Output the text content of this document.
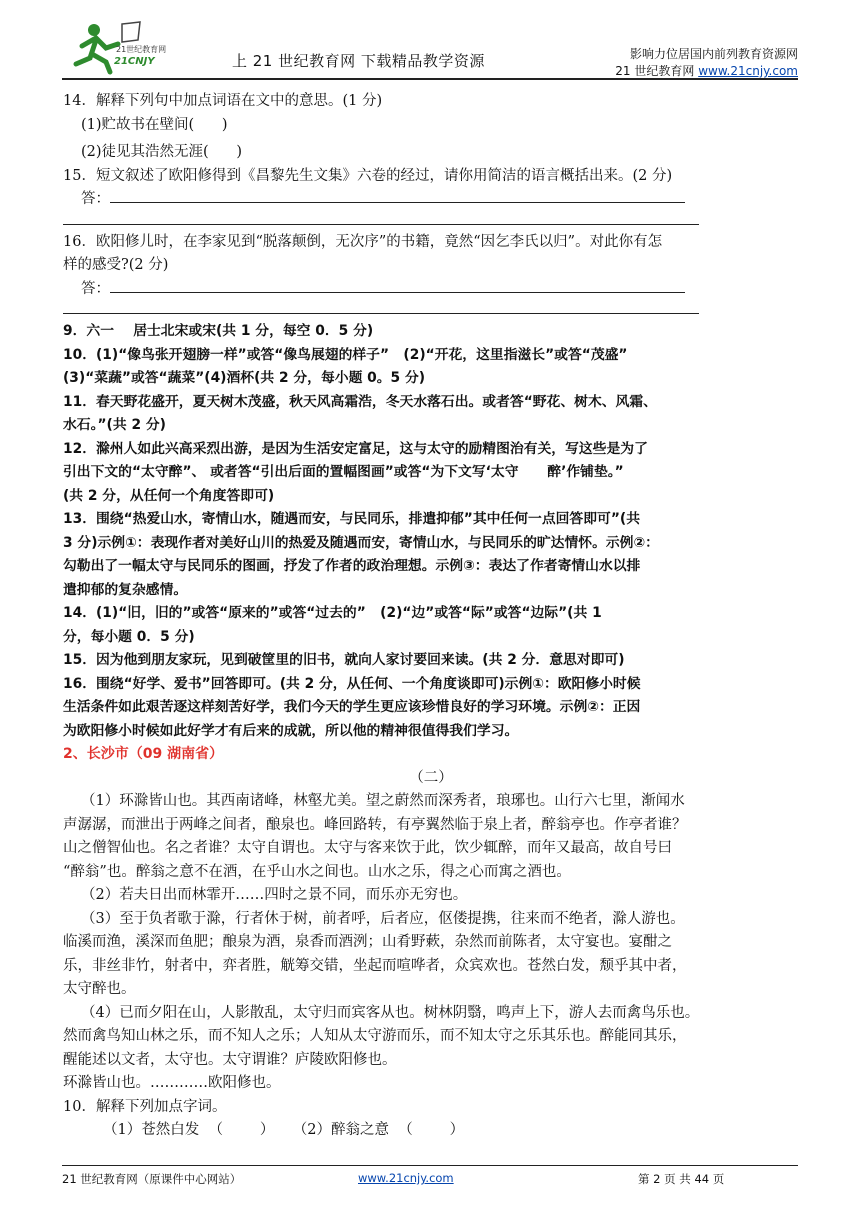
21世纪教育网
21CNJY	上 21 世纪教育网 下载精品教学资源	影响力位居国内前列教育资源网
21 世纪教育网 www.21cnjy.com

14．解释下列句中加点词语在文中的意思。(1 分)

(1)贮故书在壁间(      )

(2)徒见其浩然无涯(      )

15．短文叙述了欧阳修得到《昌黎先生文集》六卷的经过，请你用简洁的语言概括出来。(2 分)

答：

16．欧阳修儿时，在李家见到“脱落颠倒，无次序”的书籍，竟然“因乞李氏以归”。对此你有怎

样的感受?(2 分)

答：

9．六一    居士北宋或宋(共 1 分，每空 0．5 分)

10．(1)“像鸟张开翅膀一样”或答“像鸟展翅的样子”   (2)“开花，这里指滋长”或答“茂盛”

(3)“菜蔬”或答“蔬菜”(4)酒杯(共 2 分，每小题 0。5 分)

11．春天野花盛开，夏天树木茂盛，秋天风高霜浩，冬天水落石出。或者答“野花、树木、风霜、

水石。”(共 2 分)

12．滁州人如此兴高采烈出游，是因为生活安定富足，这与太守的励精图治有关，写这些是为了

引出下文的“太守醉”、 或者答“引出后面的置幅图画”或答“为下文写‘太守      醉’作铺垫。”

(共 2 分，从任何一个角度答即可)

13．围绕“热爱山水，寄情山水，随遇而安，与民同乐，排遣抑郁”其中任何一点回答即可”(共

3 分)示例①：表现作者对美好山川的热爱及随遇而安，寄情山水，与民同乐的旷达情怀。示例②：

勾勒出了一幅太守与民同乐的图画，抒发了作者的政治理想。示例③：表达了作者寄情山水以排

遣抑郁的复杂感情。

14．(1)“旧，旧的”或答“原来的”或答“过去的”   (2)“边”或答“际”或答“边际”(共 1

分，每小题 0．5 分)

15．因为他到朋友家玩，见到破筐里的旧书，就向人家讨要回来读。(共 2 分．意思对即可)

16．围绕“好学、爱书”回答即可。(共 2 分，从任何、一个角度谈即可)示例①：欧阳修小时候

生活条件如此艰苦逐这样刻苦好学，我们今天的学生更应该珍惜良好的学习环境。示例②：正因

为欧阳修小时候如此好学才有后来的成就，所以他的精神很值得我们学习。

2、长沙市（09 湖南省）

（二）

（1）环滁皆山也。其西南诸峰，林壑尤美。望之蔚然而深秀者，琅琊也。山行六七里，渐闻水

声潺潺，而泄出于两峰之间者，酿泉也。峰回路转，有亭翼然临于泉上者，醉翁亭也。作亭者谁？

山之僧智仙也。名之者谁？太守自谓也。太守与客来饮于此，饮少辄醉，而年又最高，故自号曰

“醉翁”也。醉翁之意不在酒，在乎山水之间也。山水之乐，得之心而寓之酒也。

（2）若夫日出而林霏开……四时之景不同，而乐亦无穷也。

（3）至于负者歌于滁，行者休于树，前者呼，后者应，伛偻提携，往来而不绝者，滁人游也。

临溪而渔，溪深而鱼肥；酿泉为酒，泉香而酒洌；山肴野蔌，杂然而前陈者，太守宴也。宴酣之

乐，非丝非竹，射者中，弈者胜，觥筹交错，坐起而喧哗者，众宾欢也。苍然白发，颓乎其中者，

太守醉也。

（4）已而夕阳在山，人影散乱，太守归而宾客从也。树林阴翳，鸣声上下，游人去而禽鸟乐也。

然而禽鸟知山林之乐，而不知人之乐；人知从太守游而乐，而不知太守之乐其乐也。醉能同其乐，

醒能述以文者，太守也。太守谓谁？庐陵欧阳修也。

环滁皆山也。…………欧阳修也。

10．解释下列加点字词。

（1）苍然白发  （        ）    （2）醉翁之意  （        ）

21 世纪教育网（原课件中心网站）	www.21cnjy.com	第 2 页 共 44 页
